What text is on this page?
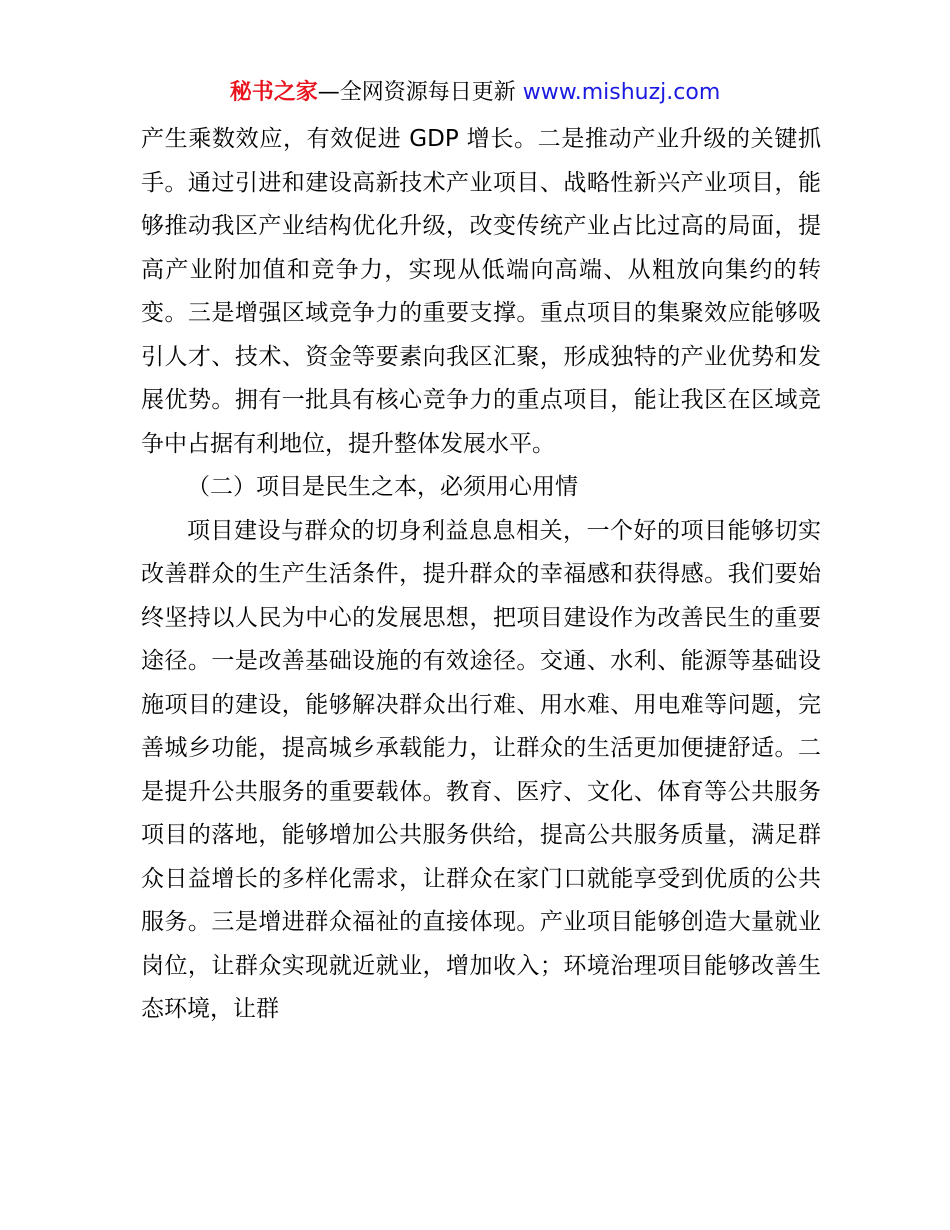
秘书之家—全网资源每日更新 www.mishuzj.com

产生乘数效应，有效促进 GDP 增长。二是推动产业升级的关键抓手。通过引进和建设高新技术产业项目、战略性新兴产业项目，能够推动我区产业结构优化升级，改变传统产业占比过高的局面，提高产业附加值和竞争力，实现从低端向高端、从粗放向集约的转变。三是增强区域竞争力的重要支撑。重点项目的集聚效应能够吸引人才、技术、资金等要素向我区汇聚，形成独特的产业优势和发展优势。拥有一批具有核心竞争力的重点项目，能让我区在区域竞争中占据有利地位，提升整体发展水平。

（二）项目是民生之本，必须用心用情

项目建设与群众的切身利益息息相关，一个好的项目能够切实改善群众的生产生活条件，提升群众的幸福感和获得感。我们要始终坚持以人民为中心的发展思想，把项目建设作为改善民生的重要途径。一是改善基础设施的有效途径。交通、水利、能源等基础设施项目的建设，能够解决群众出行难、用水难、用电难等问题，完善城乡功能，提高城乡承载能力，让群众的生活更加便捷舒适。二是提升公共服务的重要载体。教育、医疗、文化、体育等公共服务项目的落地，能够增加公共服务供给，提高公共服务质量，满足群众日益增长的多样化需求，让群众在家门口就能享受到优质的公共服务。三是增进群众福祉的直接体现。产业项目能够创造大量就业岗位，让群众实现就近就业，增加收入；环境治理项目能够改善生态环境，让群
